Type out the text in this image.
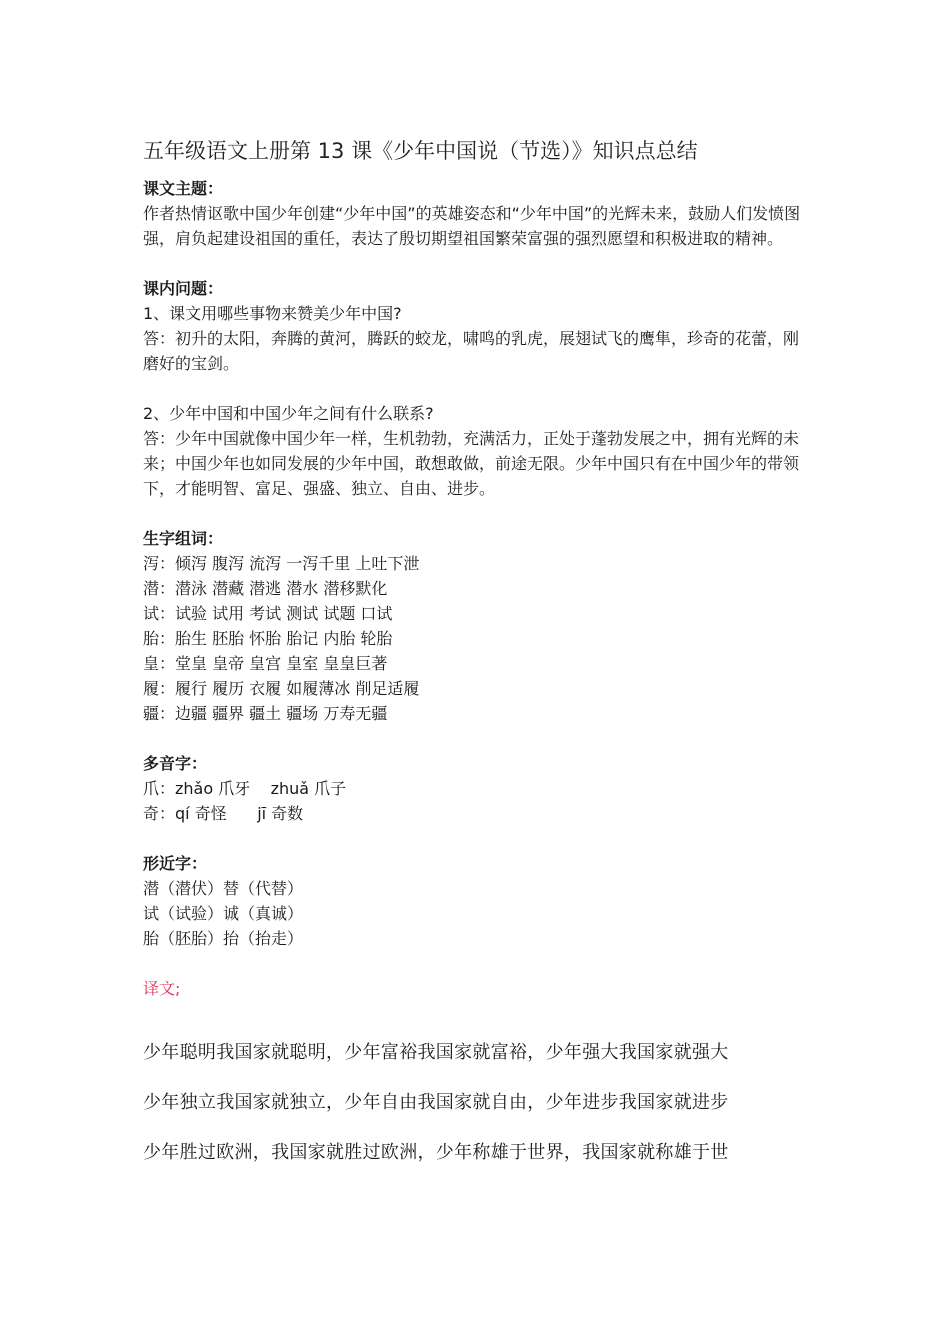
五年级语文上册第 13 课《少年中国说（节选）》知识点总结

课文主题：

作者热情讴歌中国少年创建“少年中国”的英雄姿态和“少年中国”的光辉未来，鼓励人们发愤图强，肩负起建设祖国的重任，表达了殷切期望祖国繁荣富强的强烈愿望和积极进取的精神。

课内问题：

1、课文用哪些事物来赞美少年中国?

答：初升的太阳，奔腾的黄河，腾跃的蛟龙，啸鸣的乳虎，展翅试飞的鹰隼，珍奇的花蕾，刚磨好的宝剑。

2、少年中国和中国少年之间有什么联系?

答：少年中国就像中国少年一样，生机勃勃，充满活力，正处于蓬勃发展之中，拥有光辉的未来；中国少年也如同发展的少年中国，敢想敢做，前途无限。少年中国只有在中国少年的带领下，才能明智、富足、强盛、独立、自由、进步。

生字组词：

泻：倾泻 腹泻 流泻 一泻千里 上吐下泄

潜：潜泳 潜藏 潜逃 潜水 潜移默化

试：试验 试用 考试 测试 试题 口试

胎：胎生 胚胎 怀胎 胎记 内胎 轮胎

皇：堂皇 皇帝 皇宫 皇室 皇皇巨著

履：履行 履历 衣履 如履薄冰 削足适履

疆：边疆 疆界 疆土 疆场 万寿无疆

多音字：

爪：zhǎo 爪牙    zhuǎ 爪子

奇：qí 奇怪      jī 奇数

形近字：

潜（潜伏）替（代替）

试（试验）诚（真诚）

胎（胚胎）抬（抬走）

译文;

少年聪明我国家就聪明，少年富裕我国家就富裕，少年强大我国家就强大

少年独立我国家就独立，少年自由我国家就自由，少年进步我国家就进步

少年胜过欧洲，我国家就胜过欧洲，少年称雄于世界，我国家就称雄于世
